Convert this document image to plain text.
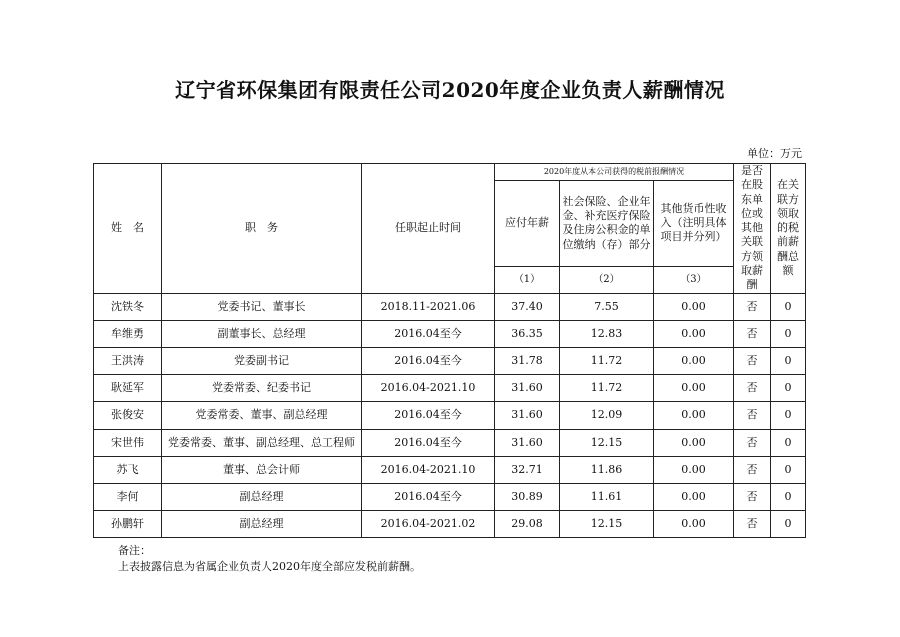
辽宁省环保集团有限责任公司2020年度企业负责人薪酬情况
单位：万元
姓　名	职　务	任职起止时间	2020年度从本公司获得的税前报酬情况			是否在股东单位或其他关联方领取薪酬	在关联方领取的税前薪酬总额
			应付年薪	社会保险、企业年金、补充医疗保险及住房公积金的单位缴纳（存）部分	其他货币性收入（注明具体项目并分列）		
			（1）	（2）	（3）		
沈铁冬	党委书记、董事长	2018.11-2021.06	37.40	7.55	0.00	否	0
牟维勇	副董事长、总经理	2016.04至今	36.35	12.83	0.00	否	0
王洪涛	党委副书记	2016.04至今	31.78	11.72	0.00	否	0
耿延军	党委常委、纪委书记	2016.04-2021.10	31.60	11.72	0.00	否	0
张俊安	党委常委、董事、副总经理	2016.04至今	31.60	12.09	0.00	否	0
宋世伟	党委常委、董事、副总经理、总工程师	2016.04至今	31.60	12.15	0.00	否	0
苏飞	董事、总会计师	2016.04-2021.10	32.71	11.86	0.00	否	0
李何	副总经理	2016.04至今	30.89	11.61	0.00	否	0
孙鹏轩	副总经理	2016.04-2021.02	29.08	12.15	0.00	否	0
备注：
上表披露信息为省属企业负责人2020年度全部应发税前薪酬。
